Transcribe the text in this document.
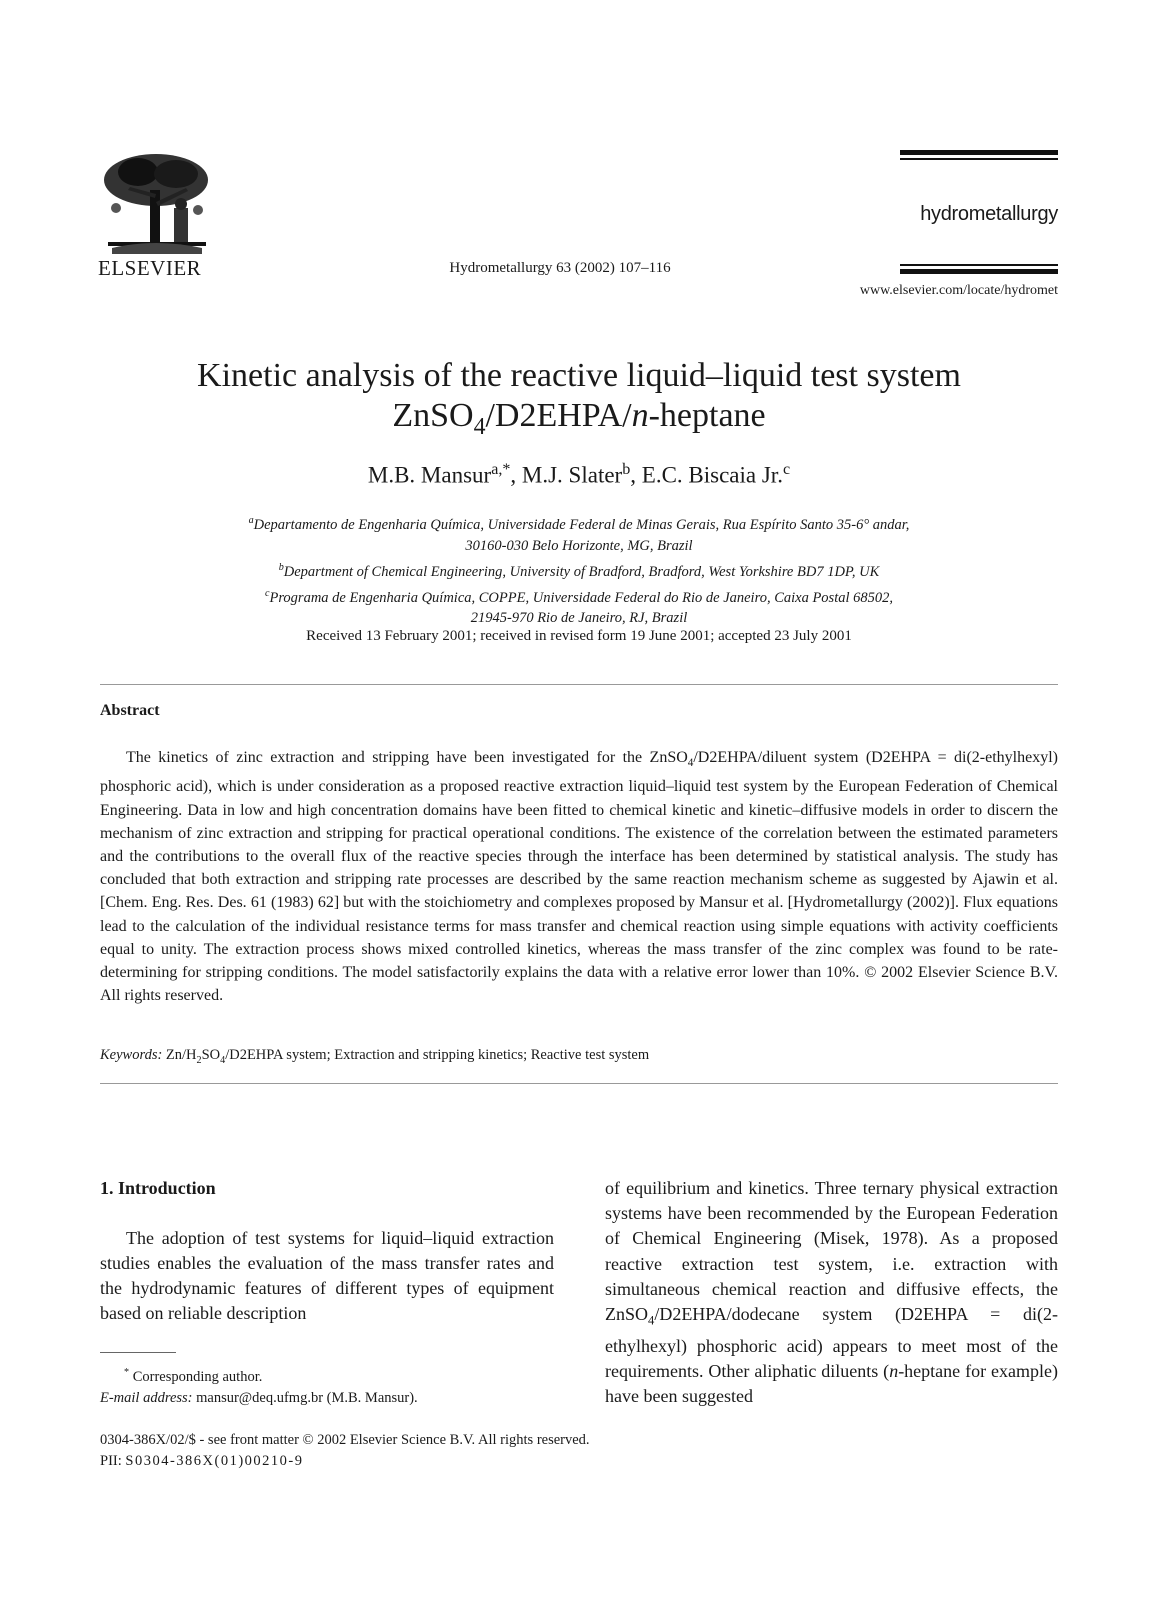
ELSEVIER	Hydrometallurgy 63 (2002) 107–116
hydrometallurgy
www.elsevier.com/locate/hydromet
Kinetic analysis of the reactive liquid–liquid test system
ZnSO$_4$/D2EHPA/n-heptane
M.B. Mansur$^{a,*}$, M.J. Slater$^b$, E.C. Biscaia Jr.$^c$
$^a$Departamento de Engenharia Química, Universidade Federal de Minas Gerais, Rua Espírito Santo 35-6° andar,
30160-030 Belo Horizonte, MG, Brazil
$^b$Department of Chemical Engineering, University of Bradford, Bradford, West Yorkshire BD7 1DP, UK
$^c$Programa de Engenharia Química, COPPE, Universidade Federal do Rio de Janeiro, Caixa Postal 68502,
21945-970 Rio de Janeiro, RJ, Brazil
Received 13 February 2001; received in revised form 19 June 2001; accepted 23 July 2001
Abstract
The kinetics of zinc extraction and stripping have been investigated for the ZnSO$_4$/D2EHPA/diluent system (D2EHPA = di(2-ethylhexyl) phosphoric acid), which is under consideration as a proposed reactive extraction liquid–liquid test system by the European Federation of Chemical Engineering. Data in low and high concentration domains have been fitted to chemical kinetic and kinetic–diffusive models in order to discern the mechanism of zinc extraction and stripping for practical operational conditions. The existence of the correlation between the estimated parameters and the contributions to the overall flux of the reactive species through the interface has been determined by statistical analysis. The study has concluded that both extraction and stripping rate processes are described by the same reaction mechanism scheme as suggested by Ajawin et al. [Chem. Eng. Res. Des. 61 (1983) 62] but with the stoichiometry and complexes proposed by Mansur et al. [Hydrometallurgy (2002)]. Flux equations lead to the calculation of the individual resistance terms for mass transfer and chemical reaction using simple equations with activity coefficients equal to unity. The extraction process shows mixed controlled kinetics, whereas the mass transfer of the zinc complex was found to be rate-determining for stripping conditions. The model satisfactorily explains the data with a relative error lower than 10%. © 2002 Elsevier Science B.V. All rights reserved.
Keywords: $Zn/H_2SO_4/D2EHPA$ system; Extraction and stripping kinetics; Reactive test system
1. Introduction
The adoption of test systems for liquid–liquid extraction studies enables the evaluation of the mass transfer rates and the hydrodynamic features of different types of equipment based on reliable description
of equilibrium and kinetics. Three ternary physical extraction systems have been recommended by the European Federation of Chemical Engineering (Misek, 1978). As a proposed reactive extraction test system, i.e. extraction with simultaneous chemical reaction and diffusive effects, the ZnSO$_4$/D2EHPA/dodecane system (D2EHPA = di(2-ethylhexyl) phosphoric acid) appears to meet most of the requirements. Other aliphatic diluents (n-heptane for example) have been suggested
* Corresponding author.
E-mail address: mansur@deq.ufmg.br (M.B. Mansur).
0304-386X/02/$ - see front matter © 2002 Elsevier Science B.V. All rights reserved.
PII: S0304-386X(01)00210-9
